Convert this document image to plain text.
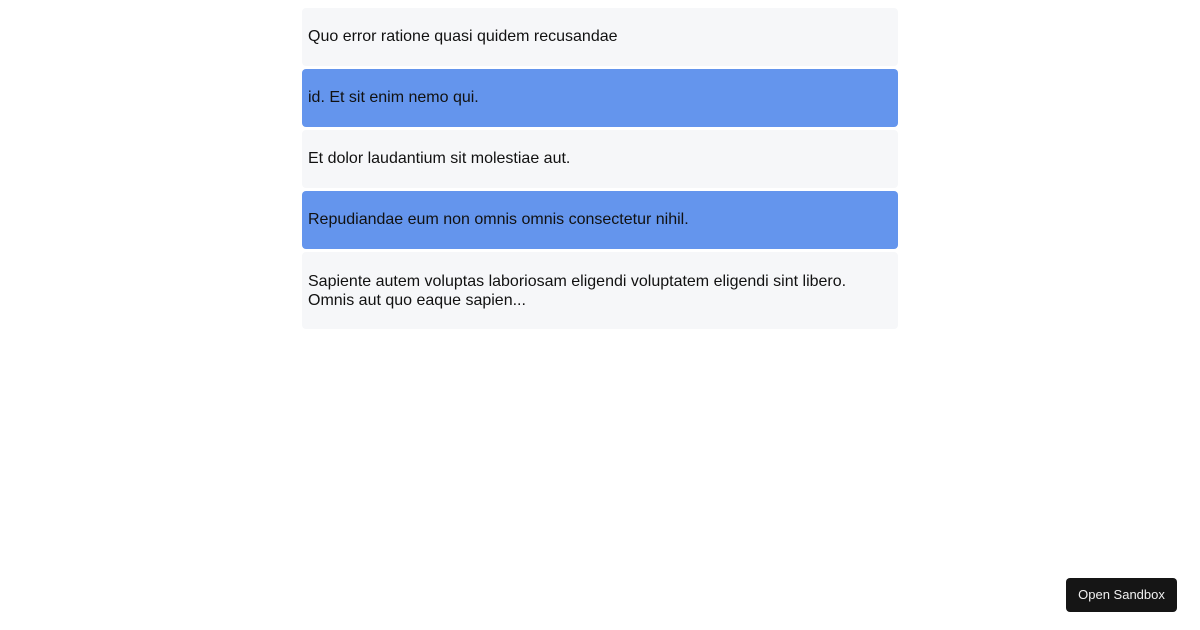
Quo error ratione quasi quidem recusandae
id. Et sit enim nemo qui.
Et dolor laudantium sit molestiae aut.
Repudiandae eum non omnis omnis consectetur nihil.
Sapiente autem voluptas laboriosam eligendi voluptatem eligendi sint libero. Omnis aut quo eaque sapien...
Open Sandbox
